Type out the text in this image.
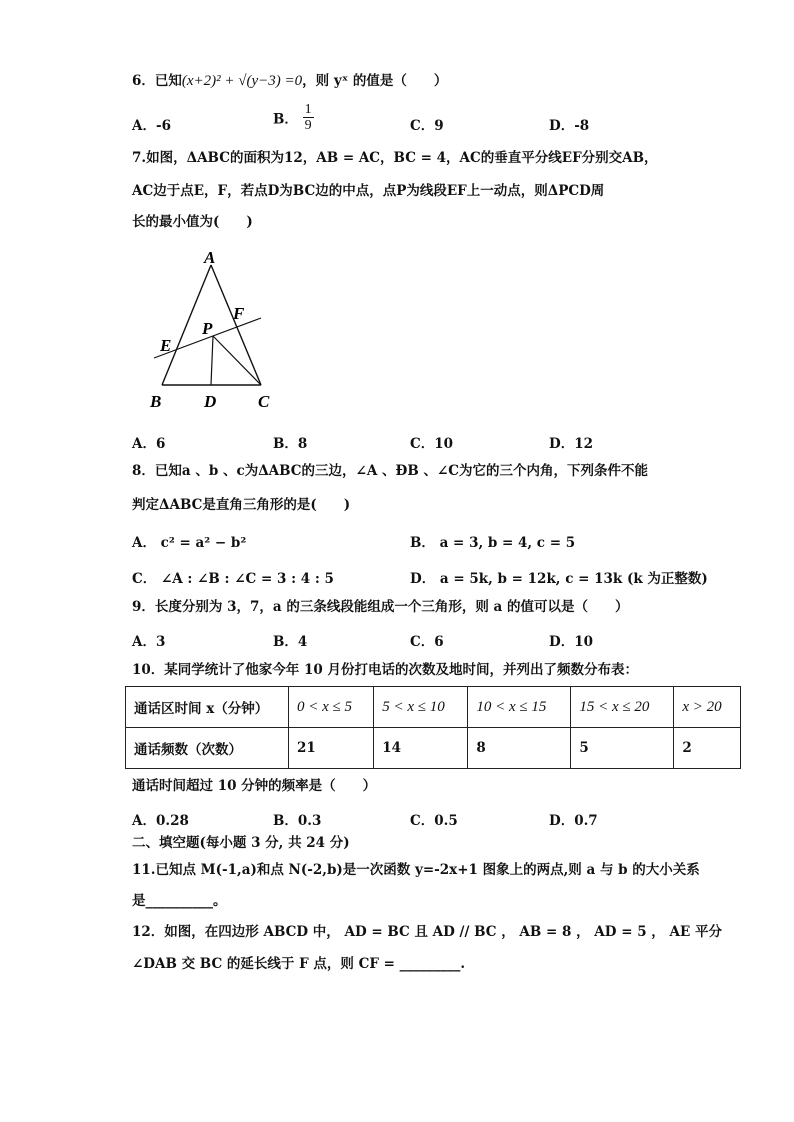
6．已知(x+2)² + √(y−3) =0，则 yˣ 的值是（　　）
A．-6	B． $\frac{1}{9}$	C．9	D．-8
7.如图，ΔABC的面积为12，AB = AC，BC = 4，AC的垂直平分线EF分别交AB，
AC边于点E，F，若点D为BC边的中点，点P为线段EF上一动点，则ΔPCD周
长的最小值为(　　)
A
F
P
E
B	D C
A．6	B．8	C．10	D．12
8．已知a 、b 、c为ΔABC的三边，∠A 、ÐB 、∠C为它的三个内角，下列条件不能
判定ΔABC是直角三角形的是(　　)
A． c² = a² − b²	B． a = 3, b = 4, c = 5
C． ∠A : ∠B : ∠C = 3 : 4 : 5	D． a = 5k, b = 12k, c = 13k (k 为正整数)
9．长度分别为 3，7，a 的三条线段能组成一个三角形，则 a 的值可以是（　　）
A．3	B．4	C．6	D．10
10．某同学统计了他家今年 10 月份打电话的次数及地时间，并列出了频数分布表：
通话区时间 x（分钟）	0 < x ≤ 5	5 < x ≤ 10	10 < x ≤ 15	15 < x ≤ 20	x > 20
通话频数（次数）	21	14	8	5	2
通话时间超过 10 分钟的频率是（　　）
A．0.28	B．0.3	C．0.5	D．0.7
二、填空题(每小题 3 分, 共 24 分)
11.已知点 M(-1,a)和点 N(-2,b)是一次函数 y=-2x+1 图象上的两点,则 a 与 b 的大小关系
是__________。
12．如图，在四边形 ABCD 中， AD = BC 且 AD // BC ， AB = 8 ， AD = 5 ， AE 平分
∠DAB 交 BC 的延长线于 F 点，则 CF = _________.
